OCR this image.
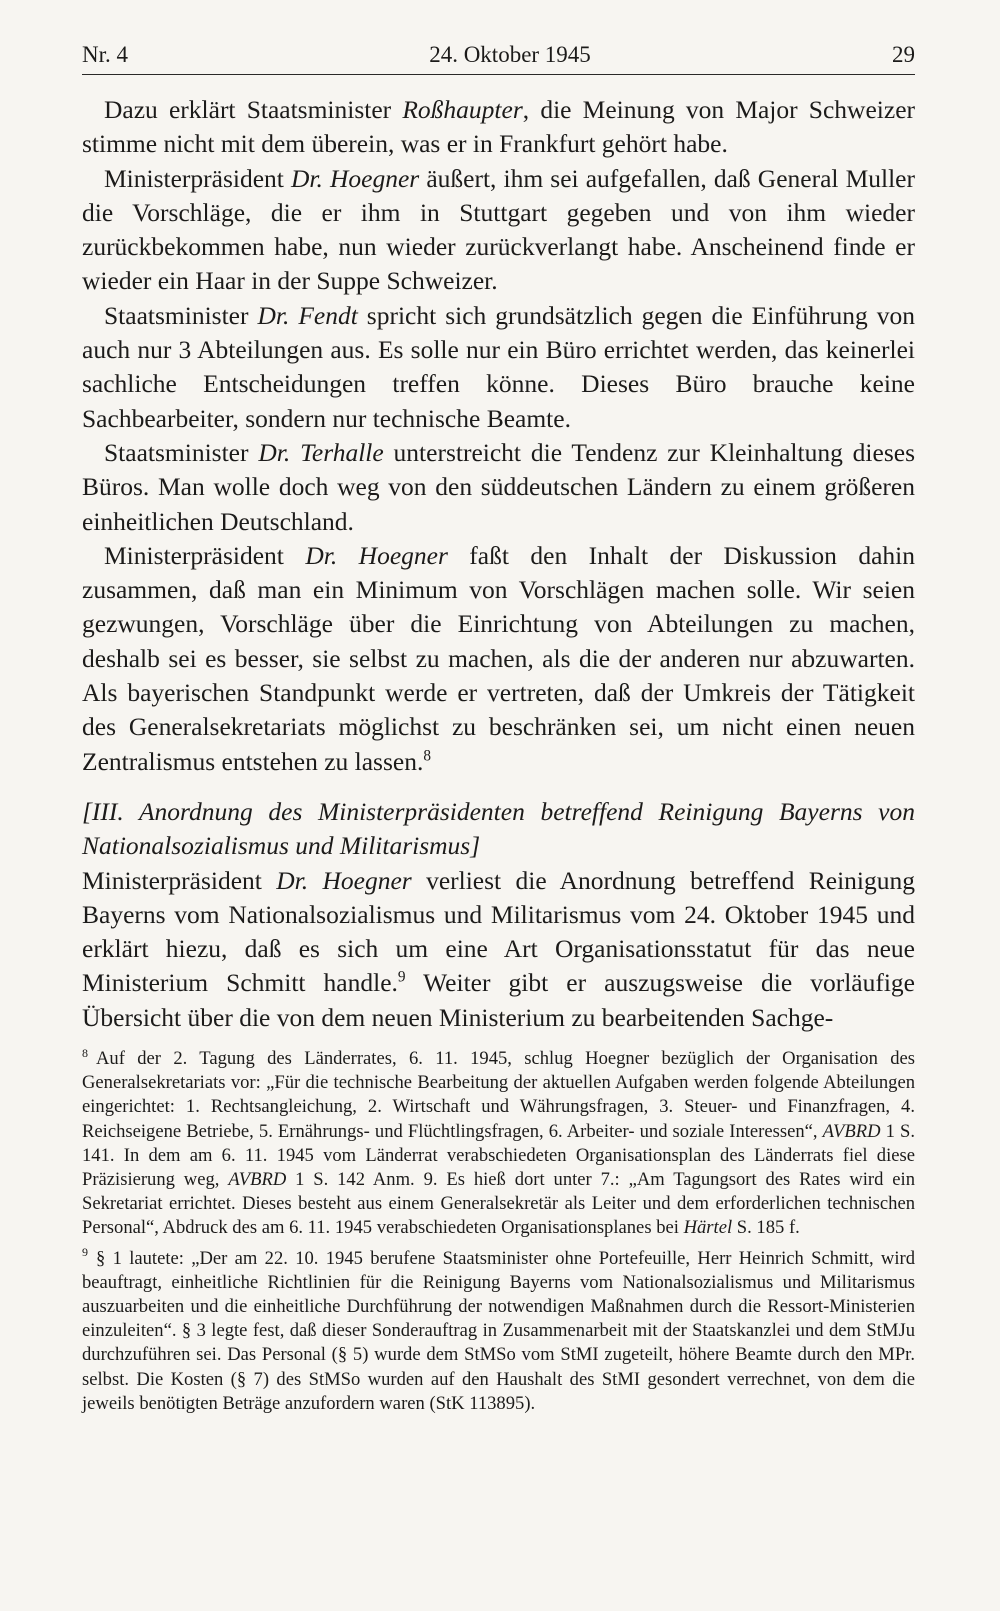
Nr. 4	24. Oktober 1945	29

Dazu erklärt Staatsminister Roßhaupter, die Meinung von Major Schweizer stimme nicht mit dem überein, was er in Frankfurt gehört habe.

Ministerpräsident Dr. Hoegner äußert, ihm sei aufgefallen, daß General Muller die Vorschläge, die er ihm in Stuttgart gegeben und von ihm wieder zurückbekommen habe, nun wieder zurückverlangt habe. Anscheinend finde er wieder ein Haar in der Suppe Schweizer.

Staatsminister Dr. Fendt spricht sich grundsätzlich gegen die Einführung von auch nur 3 Abteilungen aus. Es solle nur ein Büro errichtet werden, das keinerlei sachliche Entscheidungen treffen könne. Dieses Büro brauche keine Sachbearbeiter, sondern nur technische Beamte.

Staatsminister Dr. Terhalle unterstreicht die Tendenz zur Kleinhaltung dieses Büros. Man wolle doch weg von den süddeutschen Ländern zu einem größeren einheitlichen Deutschland.

Ministerpräsident Dr. Hoegner faßt den Inhalt der Diskussion dahin zusammen, daß man ein Minimum von Vorschlägen machen solle. Wir seien gezwungen, Vorschläge über die Einrichtung von Abteilungen zu machen, deshalb sei es besser, sie selbst zu machen, als die der anderen nur abzuwarten. Als bayerischen Standpunkt werde er vertreten, daß der Umkreis der Tätigkeit des Generalsekretariats möglichst zu beschränken sei, um nicht einen neuen Zentralismus entstehen zu lassen.$^8$

[III. Anordnung des Ministerpräsidenten betreffend Reinigung Bayerns von Nationalsozialismus und Militarismus]

Ministerpräsident Dr. Hoegner verliest die Anordnung betreffend Reinigung Bayerns vom Nationalsozialismus und Militarismus vom 24. Oktober 1945 und erklärt hiezu, daß es sich um eine Art Organisationsstatut für das neue Ministerium Schmitt handle.$^9$ Weiter gibt er auszugsweise die vorläufige Übersicht über die von dem neuen Ministerium zu bearbeitenden Sachge-

$^8$ Auf der 2. Tagung des Länderrates, 6. 11. 1945, schlug Hoegner bezüglich der Organisation des Generalsekretariats vor: „Für die technische Bearbeitung der aktuellen Aufgaben werden folgende Abteilungen eingerichtet: 1. Rechtsangleichung, 2. Wirtschaft und Währungsfragen, 3. Steuer- und Finanzfragen, 4. Reichseigene Betriebe, 5. Ernährungs- und Flüchtlingsfragen, 6. Arbeiter- und soziale Interessen“, AVBRD 1 S. 141. In dem am 6. 11. 1945 vom Länderrat verabschiedeten Organisationsplan des Länderrats fiel diese Präzisierung weg, AVBRD 1 S. 142 Anm. 9. Es hieß dort unter 7.: „Am Tagungsort des Rates wird ein Sekretariat errichtet. Dieses besteht aus einem Generalsekretär als Leiter und dem erforderlichen technischen Personal“, Abdruck des am 6. 11. 1945 verabschiedeten Organisationsplanes bei Härtel S. 185 f.

$^9$ § 1 lautete: „Der am 22. 10. 1945 berufene Staatsminister ohne Portefeuille, Herr Heinrich Schmitt, wird beauftragt, einheitliche Richtlinien für die Reinigung Bayerns vom Nationalsozialismus und Militarismus auszuarbeiten und die einheitliche Durchführung der notwendigen Maßnahmen durch die Ressort-Ministerien einzuleiten“. § 3 legte fest, daß dieser Sonderauftrag in Zusammenarbeit mit der Staatskanzlei und dem StMJu durchzuführen sei. Das Personal (§ 5) wurde dem StMSo vom StMI zugeteilt, höhere Beamte durch den MPr. selbst. Die Kosten (§ 7) des StMSo wurden auf den Haushalt des StMI gesondert verrechnet, von dem die jeweils benötigten Beträge anzufordern waren (StK 113895).
